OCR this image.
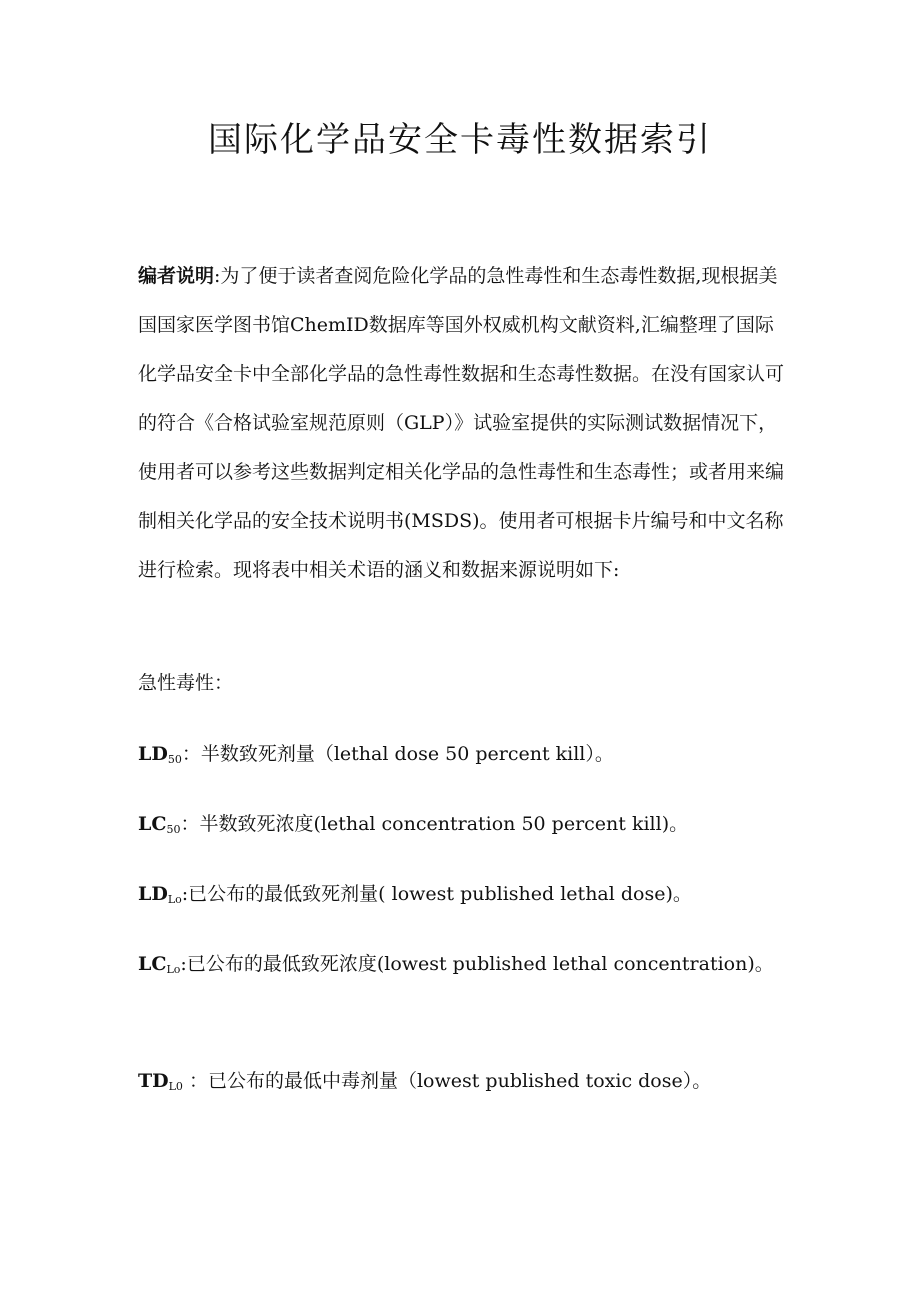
国际化学品安全卡毒性数据索引

编者说明:为了便于读者查阅危险化学品的急性毒性和生态毒性数据,现根据美国国家医学图书馆ChemID数据库等国外权威机构文献资料,汇编整理了国际化学品安全卡中全部化学品的急性毒性数据和生态毒性数据。在没有国家认可的符合《合格试验室规范原则（GLP）》试验室提供的实际测试数据情况下，使用者可以参考这些数据判定相关化学品的急性毒性和生态毒性；或者用来编制相关化学品的安全技术说明书(MSDS)。使用者可根据卡片编号和中文名称进行检索。现将表中相关术语的涵义和数据来源说明如下:

急性毒性：

$LD_{50}$：半数致死剂量（lethal dose 50 percent kill）。

$LC_{50}$：半数致死浓度(lethal concentration 50 percent kill)。

$LD_{Lo}$:已公布的最低致死剂量( lowest published lethal dose)。

$LC_{Lo}$:已公布的最低致死浓度(lowest published lethal concentration)。

$TD_{L0}$ ：已公布的最低中毒剂量（lowest published toxic dose）。
